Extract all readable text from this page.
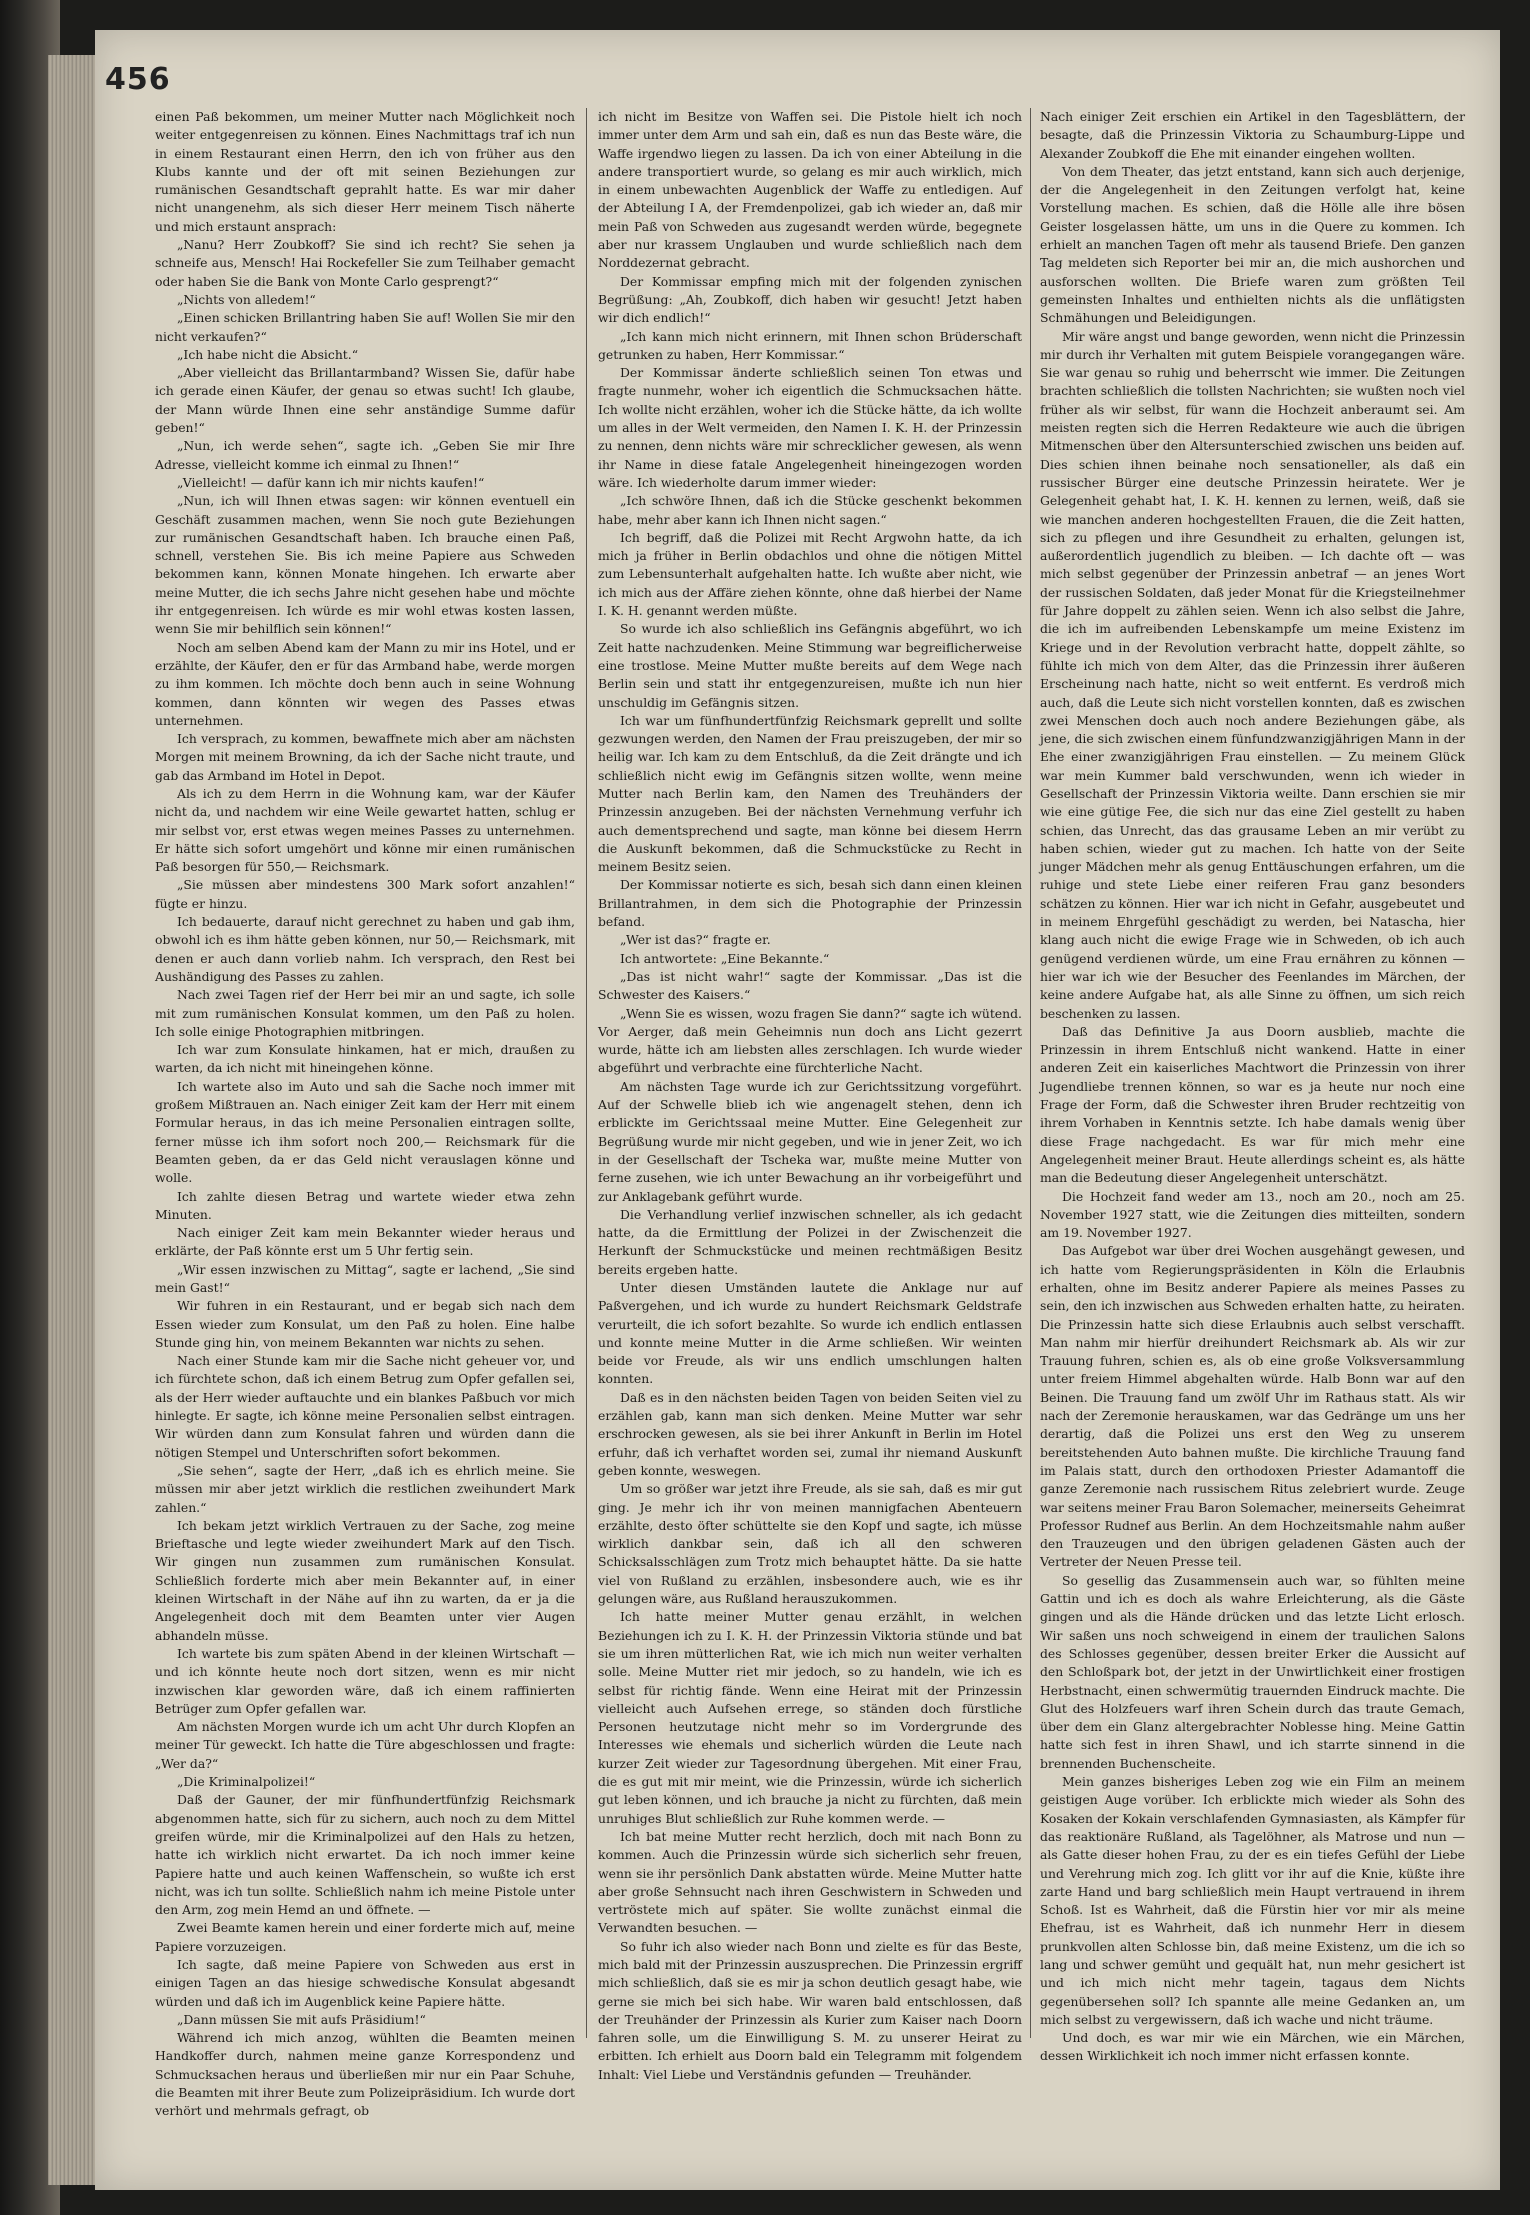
456

einen Paß bekommen, um meiner Mutter nach Möglichkeit noch weiter entgegenreisen zu können. Eines Nachmittags traf ich nun in einem Restaurant einen Herrn, den ich von früher aus den Klubs kannte und der oft mit seinen Beziehungen zur rumänischen Gesandtschaft geprahlt hatte. Es war mir daher nicht unangenehm, als sich dieser Herr meinem Tisch näherte und mich erstaunt ansprach:

„Nanu? Herr Zoubkoff? Sie sind ich recht? Sie sehen ja schneife aus, Mensch! Hai Rockefeller Sie zum Teilhaber gemacht oder haben Sie die Bank von Monte Carlo gesprengt?“

„Nichts von alledem!“

„Einen schicken Brillantring haben Sie auf! Wollen Sie mir den nicht verkaufen?“

„Ich habe nicht die Absicht.“

„Aber vielleicht das Brillantarmband? Wissen Sie, dafür habe ich gerade einen Käufer, der genau so etwas sucht! Ich glaube, der Mann würde Ihnen eine sehr anständige Summe dafür geben!“

„Nun, ich werde sehen“, sagte ich. „Geben Sie mir Ihre Adresse, vielleicht komme ich einmal zu Ihnen!“

„Vielleicht! — dafür kann ich mir nichts kaufen!“

„Nun, ich will Ihnen etwas sagen: wir können eventuell ein Geschäft zusammen machen, wenn Sie noch gute Beziehungen zur rumänischen Gesandtschaft haben. Ich brauche einen Paß, schnell, verstehen Sie. Bis ich meine Papiere aus Schweden bekommen kann, können Monate hingehen. Ich erwarte aber meine Mutter, die ich sechs Jahre nicht gesehen habe und möchte ihr entgegenreisen. Ich würde es mir wohl etwas kosten lassen, wenn Sie mir behilflich sein können!“

Noch am selben Abend kam der Mann zu mir ins Hotel, und er erzählte, der Käufer, den er für das Armband habe, werde morgen zu ihm kommen. Ich möchte doch benn auch in seine Wohnung kommen, dann könnten wir wegen des Passes etwas unternehmen.

Ich versprach, zu kommen, bewaffnete mich aber am nächsten Morgen mit meinem Browning, da ich der Sache nicht traute, und gab das Armband im Hotel in Depot.

Als ich zu dem Herrn in die Wohnung kam, war der Käufer nicht da, und nachdem wir eine Weile gewartet hatten, schlug er mir selbst vor, erst etwas wegen meines Passes zu unternehmen. Er hätte sich sofort umgehört und könne mir einen rumänischen Paß besorgen für 550,— Reichsmark.

„Sie müssen aber mindestens 300 Mark sofort anzahlen!“ fügte er hinzu.

Ich bedauerte, darauf nicht gerechnet zu haben und gab ihm, obwohl ich es ihm hätte geben können, nur 50,— Reichsmark, mit denen er auch dann vorlieb nahm. Ich versprach, den Rest bei Aushändigung des Passes zu zahlen.

Nach zwei Tagen rief der Herr bei mir an und sagte, ich solle mit zum rumänischen Konsulat kommen, um den Paß zu holen. Ich solle einige Photographien mitbringen.

Ich war zum Konsulate hinkamen, hat er mich, draußen zu warten, da ich nicht mit hineingehen könne.

Ich wartete also im Auto und sah die Sache noch immer mit großem Mißtrauen an. Nach einiger Zeit kam der Herr mit einem Formular heraus, in das ich meine Personalien eintragen sollte, ferner müsse ich ihm sofort noch 200,— Reichsmark für die Beamten geben, da er das Geld nicht verauslagen könne und wolle.

Ich zahlte diesen Betrag und wartete wieder etwa zehn Minuten.

Nach einiger Zeit kam mein Bekannter wieder heraus und erklärte, der Paß könnte erst um 5 Uhr fertig sein.

„Wir essen inzwischen zu Mittag“, sagte er lachend, „Sie sind mein Gast!“

Wir fuhren in ein Restaurant, und er begab sich nach dem Essen wieder zum Konsulat, um den Paß zu holen. Eine halbe Stunde ging hin, von meinem Bekannten war nichts zu sehen.

Nach einer Stunde kam mir die Sache nicht geheuer vor, und ich fürchtete schon, daß ich einem Betrug zum Opfer gefallen sei, als der Herr wieder auftauchte und ein blankes Paßbuch vor mich hinlegte. Er sagte, ich könne meine Personalien selbst eintragen. Wir würden dann zum Konsulat fahren und würden dann die nötigen Stempel und Unterschriften sofort bekommen.

„Sie sehen“, sagte der Herr, „daß ich es ehrlich meine. Sie müssen mir aber jetzt wirklich die restlichen zweihundert Mark zahlen.“

Ich bekam jetzt wirklich Vertrauen zu der Sache, zog meine Brieftasche und legte wieder zweihundert Mark auf den Tisch. Wir gingen nun zusammen zum rumänischen Konsulat. Schließlich forderte mich aber mein Bekannter auf, in einer kleinen Wirtschaft in der Nähe auf ihn zu warten, da er ja die Angelegenheit doch mit dem Beamten unter vier Augen abhandeln müsse.

Ich wartete bis zum späten Abend in der kleinen Wirtschaft — und ich könnte heute noch dort sitzen, wenn es mir nicht inzwischen klar geworden wäre, daß ich einem raffinierten Betrüger zum Opfer gefallen war.

Am nächsten Morgen wurde ich um acht Uhr durch Klopfen an meiner Tür geweckt. Ich hatte die Türe abgeschlossen und fragte: „Wer da?“

„Die Kriminalpolizei!“

Daß der Gauner, der mir fünfhundertfünfzig Reichsmark abgenommen hatte, sich für zu sichern, auch noch zu dem Mittel greifen würde, mir die Kriminalpolizei auf den Hals zu hetzen, hatte ich wirklich nicht erwartet. Da ich noch immer keine Papiere hatte und auch keinen Waffenschein, so wußte ich erst nicht, was ich tun sollte. Schließlich nahm ich meine Pistole unter den Arm, zog mein Hemd an und öffnete. —

Zwei Beamte kamen herein und einer forderte mich auf, meine Papiere vorzuzeigen.

Ich sagte, daß meine Papiere von Schweden aus erst in einigen Tagen an das hiesige schwedische Konsulat abgesandt würden und daß ich im Augenblick keine Papiere hätte.

„Dann müssen Sie mit aufs Präsidium!“

Während ich mich anzog, wühlten die Beamten meinen Handkoffer durch, nahmen meine ganze Korrespondenz und Schmucksachen heraus und überließen mir nur ein Paar Schuhe, die Beamten mit ihrer Beute zum Polizeipräsidium. Ich wurde dort verhört und mehrmals gefragt, ob

ich nicht im Besitze von Waffen sei. Die Pistole hielt ich noch immer unter dem Arm und sah ein, daß es nun das Beste wäre, die Waffe irgendwo liegen zu lassen. Da ich von einer Abteilung in die andere transportiert wurde, so gelang es mir auch wirklich, mich in einem unbewachten Augenblick der Waffe zu entledigen. Auf der Abteilung I A, der Fremdenpolizei, gab ich wieder an, daß mir mein Paß von Schweden aus zugesandt werden würde, begegnete aber nur krassem Unglauben und wurde schließlich nach dem Norddezernat gebracht.

Der Kommissar empfing mich mit der folgenden zynischen Begrüßung: „Ah, Zoubkoff, dich haben wir gesucht! Jetzt haben wir dich endlich!“

„Ich kann mich nicht erinnern, mit Ihnen schon Brüderschaft getrunken zu haben, Herr Kommissar.“

Der Kommissar änderte schließlich seinen Ton etwas und fragte nunmehr, woher ich eigentlich die Schmucksachen hätte. Ich wollte nicht erzählen, woher ich die Stücke hätte, da ich wollte um alles in der Welt vermeiden, den Namen I. K. H. der Prinzessin zu nennen, denn nichts wäre mir schrecklicher gewesen, als wenn ihr Name in diese fatale Angelegenheit hineingezogen worden wäre. Ich wiederholte darum immer wieder:

„Ich schwöre Ihnen, daß ich die Stücke geschenkt bekommen habe, mehr aber kann ich Ihnen nicht sagen.“

Ich begriff, daß die Polizei mit Recht Argwohn hatte, da ich mich ja früher in Berlin obdachlos und ohne die nötigen Mittel zum Lebensunterhalt aufgehalten hatte. Ich wußte aber nicht, wie ich mich aus der Affäre ziehen könnte, ohne daß hierbei der Name I. K. H. genannt werden müßte.

So wurde ich also schließlich ins Gefängnis abgeführt, wo ich Zeit hatte nachzudenken. Meine Stimmung war begreiflicherweise eine trostlose. Meine Mutter mußte bereits auf dem Wege nach Berlin sein und statt ihr entgegenzureisen, mußte ich nun hier unschuldig im Gefängnis sitzen.

Ich war um fünfhundertfünfzig Reichsmark geprellt und sollte gezwungen werden, den Namen der Frau preiszugeben, der mir so heilig war. Ich kam zu dem Entschluß, da die Zeit drängte und ich schließlich nicht ewig im Gefängnis sitzen wollte, wenn meine Mutter nach Berlin kam, den Namen des Treuhänders der Prinzessin anzugeben. Bei der nächsten Vernehmung verfuhr ich auch dementsprechend und sagte, man könne bei diesem Herrn die Auskunft bekommen, daß die Schmuckstücke zu Recht in meinem Besitz seien.

Der Kommissar notierte es sich, besah sich dann einen kleinen Brillantrahmen, in dem sich die Photographie der Prinzessin befand.

„Wer ist das?“ fragte er.

Ich antwortete: „Eine Bekannte.“

„Das ist nicht wahr!“ sagte der Kommissar. „Das ist die Schwester des Kaisers.“

„Wenn Sie es wissen, wozu fragen Sie dann?“ sagte ich wütend. Vor Aerger, daß mein Geheimnis nun doch ans Licht gezerrt wurde, hätte ich am liebsten alles zerschlagen. Ich wurde wieder abgeführt und verbrachte eine fürchterliche Nacht.

Am nächsten Tage wurde ich zur Gerichtssitzung vorgeführt. Auf der Schwelle blieb ich wie angenagelt stehen, denn ich erblickte im Gerichtssaal meine Mutter. Eine Gelegenheit zur Begrüßung wurde mir nicht gegeben, und wie in jener Zeit, wo ich in der Gesellschaft der Tscheka war, mußte meine Mutter von ferne zusehen, wie ich unter Bewachung an ihr vorbeigeführt und zur Anklagebank geführt wurde.

Die Verhandlung verlief inzwischen schneller, als ich gedacht hatte, da die Ermittlung der Polizei in der Zwischenzeit die Herkunft der Schmuckstücke und meinen rechtmäßigen Besitz bereits ergeben hatte.

Unter diesen Umständen lautete die Anklage nur auf Paßvergehen, und ich wurde zu hundert Reichsmark Geldstrafe verurteilt, die ich sofort bezahlte. So wurde ich endlich entlassen und konnte meine Mutter in die Arme schließen. Wir weinten beide vor Freude, als wir uns endlich umschlungen halten konnten.

Daß es in den nächsten beiden Tagen von beiden Seiten viel zu erzählen gab, kann man sich denken. Meine Mutter war sehr erschrocken gewesen, als sie bei ihrer Ankunft in Berlin im Hotel erfuhr, daß ich verhaftet worden sei, zumal ihr niemand Auskunft geben konnte, weswegen.

Um so größer war jetzt ihre Freude, als sie sah, daß es mir gut ging. Je mehr ich ihr von meinen mannigfachen Abenteuern erzählte, desto öfter schüttelte sie den Kopf und sagte, ich müsse wirklich dankbar sein, daß ich all den schweren Schicksalsschlägen zum Trotz mich behauptet hätte. Da sie hatte viel von Rußland zu erzählen, insbesondere auch, wie es ihr gelungen wäre, aus Rußland herauszukommen.

Ich hatte meiner Mutter genau erzählt, in welchen Beziehungen ich zu I. K. H. der Prinzessin Viktoria stünde und bat sie um ihren mütterlichen Rat, wie ich mich nun weiter verhalten solle. Meine Mutter riet mir jedoch, so zu handeln, wie ich es selbst für richtig fände. Wenn eine Heirat mit der Prinzessin vielleicht auch Aufsehen errege, so ständen doch fürstliche Personen heutzutage nicht mehr so im Vordergrunde des Interesses wie ehemals und sicherlich würden die Leute nach kurzer Zeit wieder zur Tagesordnung übergehen. Mit einer Frau, die es gut mit mir meint, wie die Prinzessin, würde ich sicherlich gut leben können, und ich brauche ja nicht zu fürchten, daß mein unruhiges Blut schließlich zur Ruhe kommen werde. —

Ich bat meine Mutter recht herzlich, doch mit nach Bonn zu kommen. Auch die Prinzessin würde sich sicherlich sehr freuen, wenn sie ihr persönlich Dank abstatten würde. Meine Mutter hatte aber große Sehnsucht nach ihren Geschwistern in Schweden und vertröstete mich auf später. Sie wollte zunächst einmal die Verwandten besuchen. —

So fuhr ich also wieder nach Bonn und zielte es für das Beste, mich bald mit der Prinzessin auszusprechen. Die Prinzessin ergriff mich schließlich, daß sie es mir ja schon deutlich gesagt habe, wie gerne sie mich bei sich habe. Wir waren bald entschlossen, daß der Treuhänder der Prinzessin als Kurier zum Kaiser nach Doorn fahren solle, um die Einwilligung S. M. zu unserer Heirat zu erbitten. Ich erhielt aus Doorn bald ein Telegramm mit folgendem Inhalt: Viel Liebe und Verständnis gefunden — Treuhänder.

Nach einiger Zeit erschien ein Artikel in den Tagesblättern, der besagte, daß die Prinzessin Viktoria zu Schaumburg-Lippe und Alexander Zoubkoff die Ehe mit einander eingehen wollten.

Von dem Theater, das jetzt entstand, kann sich auch derjenige, der die Angelegenheit in den Zeitungen verfolgt hat, keine Vorstellung machen. Es schien, daß die Hölle alle ihre bösen Geister losgelassen hätte, um uns in die Quere zu kommen. Ich erhielt an manchen Tagen oft mehr als tausend Briefe. Den ganzen Tag meldeten sich Reporter bei mir an, die mich aushorchen und ausforschen wollten. Die Briefe waren zum größten Teil gemeinsten Inhaltes und enthielten nichts als die unflätigsten Schmähungen und Beleidigungen.

Mir wäre angst und bange geworden, wenn nicht die Prinzessin mir durch ihr Verhalten mit gutem Beispiele vorangegangen wäre. Sie war genau so ruhig und beherrscht wie immer. Die Zeitungen brachten schließlich die tollsten Nachrichten; sie wußten noch viel früher als wir selbst, für wann die Hochzeit anberaumt sei. Am meisten regten sich die Herren Redakteure wie auch die übrigen Mitmenschen über den Altersunterschied zwischen uns beiden auf. Dies schien ihnen beinahe noch sensationeller, als daß ein russischer Bürger eine deutsche Prinzessin heiratete. Wer je Gelegenheit gehabt hat, I. K. H. kennen zu lernen, weiß, daß sie wie manchen anderen hochgestellten Frauen, die die Zeit hatten, sich zu pflegen und ihre Gesundheit zu erhalten, gelungen ist, außerordentlich jugendlich zu bleiben. — Ich dachte oft — was mich selbst gegenüber der Prinzessin anbetraf — an jenes Wort der russischen Soldaten, daß jeder Monat für die Kriegsteilnehmer für Jahre doppelt zu zählen seien. Wenn ich also selbst die Jahre, die ich im aufreibenden Lebenskampfe um meine Existenz im Kriege und in der Revolution verbracht hatte, doppelt zählte, so fühlte ich mich von dem Alter, das die Prinzessin ihrer äußeren Erscheinung nach hatte, nicht so weit entfernt. Es verdroß mich auch, daß die Leute sich nicht vorstellen konnten, daß es zwischen zwei Menschen doch auch noch andere Beziehungen gäbe, als jene, die sich zwischen einem fünfundzwanzigjährigen Mann in der Ehe einer zwanzigjährigen Frau einstellen. — Zu meinem Glück war mein Kummer bald verschwunden, wenn ich wieder in Gesellschaft der Prinzessin Viktoria weilte. Dann erschien sie mir wie eine gütige Fee, die sich nur das eine Ziel gestellt zu haben schien, das Unrecht, das das grausame Leben an mir verübt zu haben schien, wieder gut zu machen. Ich hatte von der Seite junger Mädchen mehr als genug Enttäuschungen erfahren, um die ruhige und stete Liebe einer reiferen Frau ganz besonders schätzen zu können. Hier war ich nicht in Gefahr, ausgebeutet und in meinem Ehrgefühl geschädigt zu werden, bei Natascha, hier klang auch nicht die ewige Frage wie in Schweden, ob ich auch genügend verdienen würde, um eine Frau ernähren zu können — hier war ich wie der Besucher des Feenlandes im Märchen, der keine andere Aufgabe hat, als alle Sinne zu öffnen, um sich reich beschenken zu lassen.

Daß das Definitive Ja aus Doorn ausblieb, machte die Prinzessin in ihrem Entschluß nicht wankend. Hatte in einer anderen Zeit ein kaiserliches Machtwort die Prinzessin von ihrer Jugendliebe trennen können, so war es ja heute nur noch eine Frage der Form, daß die Schwester ihren Bruder rechtzeitig von ihrem Vorhaben in Kenntnis setzte. Ich habe damals wenig über diese Frage nachgedacht. Es war für mich mehr eine Angelegenheit meiner Braut. Heute allerdings scheint es, als hätte man die Bedeutung dieser Angelegenheit unterschätzt.

Die Hochzeit fand weder am 13., noch am 20., noch am 25. November 1927 statt, wie die Zeitungen dies mitteilten, sondern am 19. November 1927.

Das Aufgebot war über drei Wochen ausgehängt gewesen, und ich hatte vom Regierungspräsidenten in Köln die Erlaubnis erhalten, ohne im Besitz anderer Papiere als meines Passes zu sein, den ich inzwischen aus Schweden erhalten hatte, zu heiraten. Die Prinzessin hatte sich diese Erlaubnis auch selbst verschafft. Man nahm mir hierfür dreihundert Reichsmark ab. Als wir zur Trauung fuhren, schien es, als ob eine große Volksversammlung unter freiem Himmel abgehalten würde. Halb Bonn war auf den Beinen. Die Trauung fand um zwölf Uhr im Rathaus statt. Als wir nach der Zeremonie herauskamen, war das Gedränge um uns her derartig, daß die Polizei uns erst den Weg zu unserem bereitstehenden Auto bahnen mußte. Die kirchliche Trauung fand im Palais statt, durch den orthodoxen Priester Adamantoff die ganze Zeremonie nach russischem Ritus zelebriert wurde. Zeuge war seitens meiner Frau Baron Solemacher, meinerseits Geheimrat Professor Rudnef aus Berlin. An dem Hochzeitsmahle nahm außer den Trauzeugen und den übrigen geladenen Gästen auch der Vertreter der Neuen Presse teil.

So gesellig das Zusammensein auch war, so fühlten meine Gattin und ich es doch als wahre Erleichterung, als die Gäste gingen und als die Hände drücken und das letzte Licht erlosch. Wir saßen uns noch schweigend in einem der traulichen Salons des Schlosses gegenüber, dessen breiter Erker die Aussicht auf den Schloßpark bot, der jetzt in der Unwirtlichkeit einer frostigen Herbstnacht, einen schwermütig trauernden Eindruck machte. Die Glut des Holzfeuers warf ihren Schein durch das traute Gemach, über dem ein Glanz altergebrachter Noblesse hing. Meine Gattin hatte sich fest in ihren Shawl, und ich starrte sinnend in die brennenden Buchenscheite.

Mein ganzes bisheriges Leben zog wie ein Film an meinem geistigen Auge vorüber. Ich erblickte mich wieder als Sohn des Kosaken der Kokain verschlafenden Gymnasiasten, als Kämpfer für das reaktionäre Rußland, als Tagelöhner, als Matrose und nun — als Gatte dieser hohen Frau, zu der es ein tiefes Gefühl der Liebe und Verehrung mich zog. Ich glitt vor ihr auf die Knie, küßte ihre zarte Hand und barg schließlich mein Haupt vertrauend in ihrem Schoß. Ist es Wahrheit, daß die Fürstin hier vor mir als meine Ehefrau, ist es Wahrheit, daß ich nunmehr Herr in diesem prunkvollen alten Schlosse bin, daß meine Existenz, um die ich so lang und schwer gemüht und gequält hat, nun mehr gesichert ist und ich mich nicht mehr tagein, tagaus dem Nichts gegenübersehen soll? Ich spannte alle meine Gedanken an, um mich selbst zu vergewissern, daß ich wache und nicht träume.

Und doch, es war mir wie ein Märchen, wie ein Märchen, dessen Wirklichkeit ich noch immer nicht erfassen konnte.
